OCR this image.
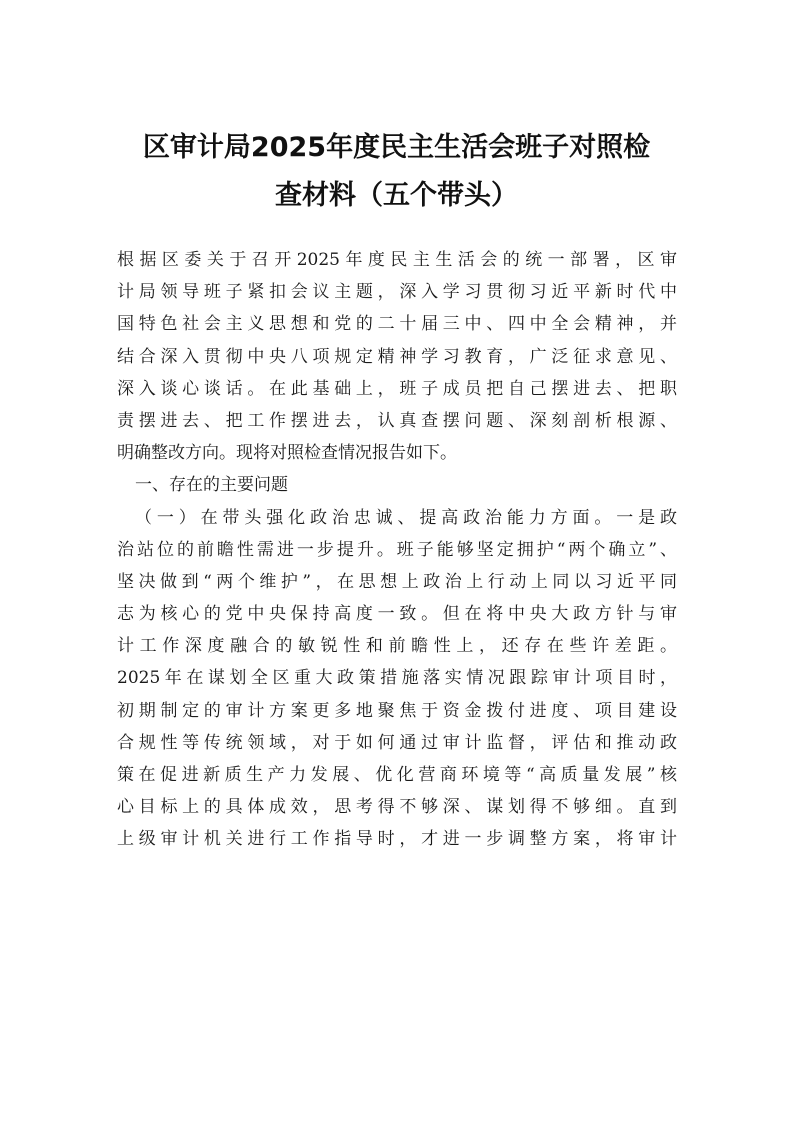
区审计局2025年度民主生活会班子对照检
查材料（五个带头）
根据区委关于召开2025年度民主生活会的统一部署，区审
计局领导班子紧扣会议主题，深入学习贯彻习近平新时代中
国特色社会主义思想和党的二十届三中、四中全会精神，并
结合深入贯彻中央八项规定精神学习教育，广泛征求意见、
深入谈心谈话。在此基础上，班子成员把自己摆进去、把职
责摆进去、把工作摆进去，认真查摆问题、深刻剖析根源、
明确整改方向。现将对照检查情况报告如下。
一、存在的主要问题
（一）在带头强化政治忠诚、提高政治能力方面。一是政
治站位的前瞻性需进一步提升。班子能够坚定拥护“两个确立”、
坚决做到“两个维护”，在思想上政治上行动上同以习近平同
志为核心的党中央保持高度一致。但在将中央大政方针与审
计工作深度融合的敏锐性和前瞻性上，还存在些许差距。
2025年在谋划全区重大政策措施落实情况跟踪审计项目时，
初期制定的审计方案更多地聚焦于资金拨付进度、项目建设
合规性等传统领域，对于如何通过审计监督，评估和推动政
策在促进新质生产力发展、优化营商环境等“高质量发展”核
心目标上的具体成效，思考得不够深、谋划得不够细。直到
上级审计机关进行工作指导时，才进一步调整方案，将审计
